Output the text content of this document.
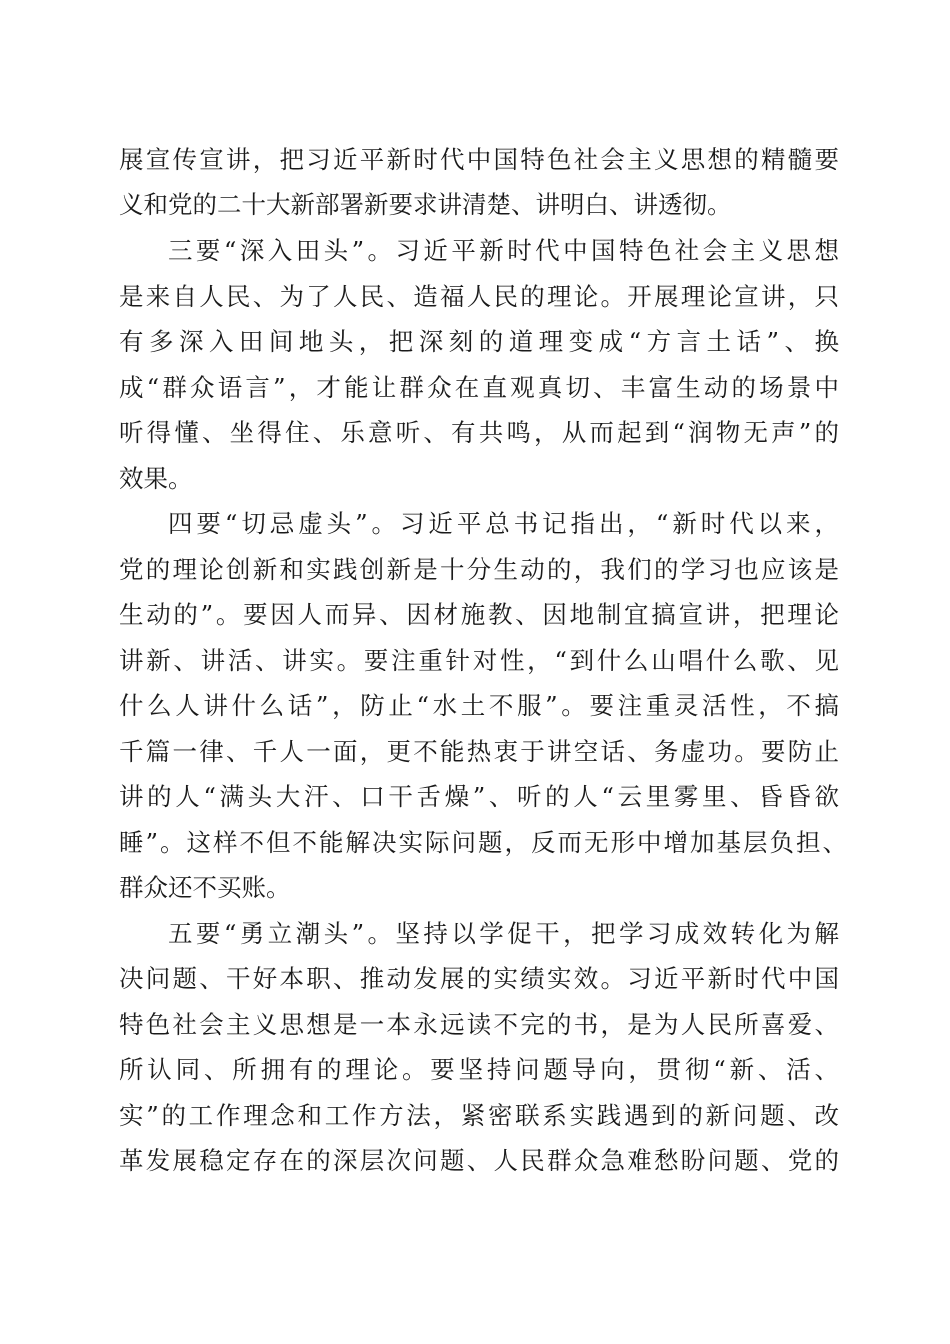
展宣传宣讲，把习近平新时代中国特色社会主义思想的精髓要
义和党的二十大新部署新要求讲清楚、讲明白、讲透彻。
三要“深入田头”。习近平新时代中国特色社会主义思想
是来自人民、为了人民、造福人民的理论。开展理论宣讲，只
有多深入田间地头，把深刻的道理变成“方言土话”、换
成“群众语言”，才能让群众在直观真切、丰富生动的场景中
听得懂、坐得住、乐意听、有共鸣，从而起到“润物无声”的
效果。
四要“切忌虚头”。习近平总书记指出，“新时代以来，
党的理论创新和实践创新是十分生动的，我们的学习也应该是
生动的”。要因人而异、因材施教、因地制宜搞宣讲，把理论
讲新、讲活、讲实。要注重针对性，“到什么山唱什么歌、见
什么人讲什么话”，防止“水土不服”。要注重灵活性，不搞
千篇一律、千人一面，更不能热衷于讲空话、务虚功。要防止
讲的人“满头大汗、口干舌燥”、听的人“云里雾里、昏昏欲
睡”。这样不但不能解决实际问题，反而无形中增加基层负担、
群众还不买账。
五要“勇立潮头”。坚持以学促干，把学习成效转化为解
决问题、干好本职、推动发展的实绩实效。习近平新时代中国
特色社会主义思想是一本永远读不完的书，是为人民所喜爱、
所认同、所拥有的理论。要坚持问题导向，贯彻“新、活、
实”的工作理念和工作方法，紧密联系实践遇到的新问题、改
革发展稳定存在的深层次问题、人民群众急难愁盼问题、党的
